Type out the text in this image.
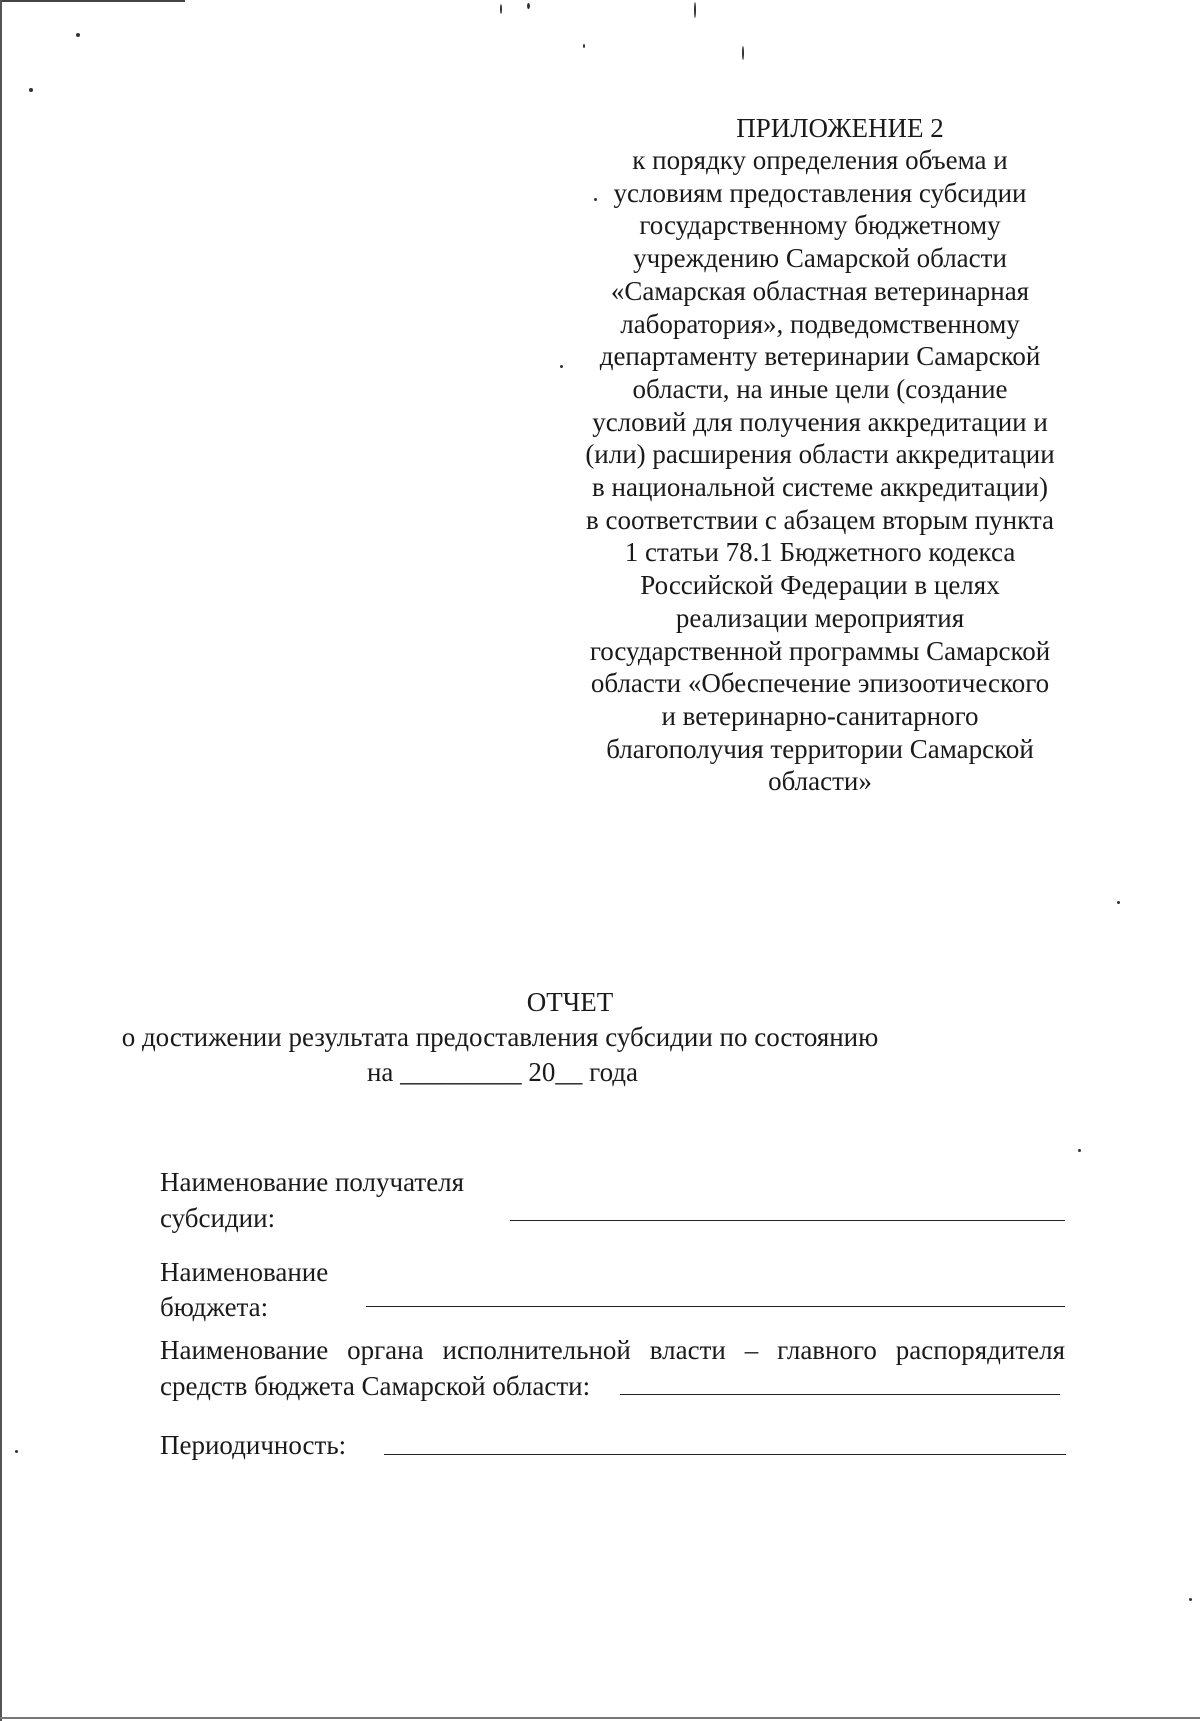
ПРИЛОЖЕНИЕ 2
к порядку определения объема и
условиям предоставления субсидии
государственному бюджетному
учреждению Самарской области
«Самарская областная ветеринарная
лаборатория», подведомственному
департаменту ветеринарии Самарской
области, на иные цели (создание
условий для получения аккредитации и
(или) расширения области аккредитации
в национальной системе аккредитации)
в соответствии с абзацем вторым пункта
1 статьи 78.1 Бюджетного кодекса
Российской Федерации в целях
реализации мероприятия
государственной программы Самарской
области «Обеспечение эпизоотического
и ветеринарно-санитарного
благополучия территории Самарской
области»
ОТЧЕТ
о достижении результата предоставления субсидии по состоянию
на _________ 20__ года
Наименование получателя
субсидии:
Наименование
бюджета:
Наименование органа исполнительной власти – главного распорядителя
средств бюджета Самарской области:
Периодичность:
